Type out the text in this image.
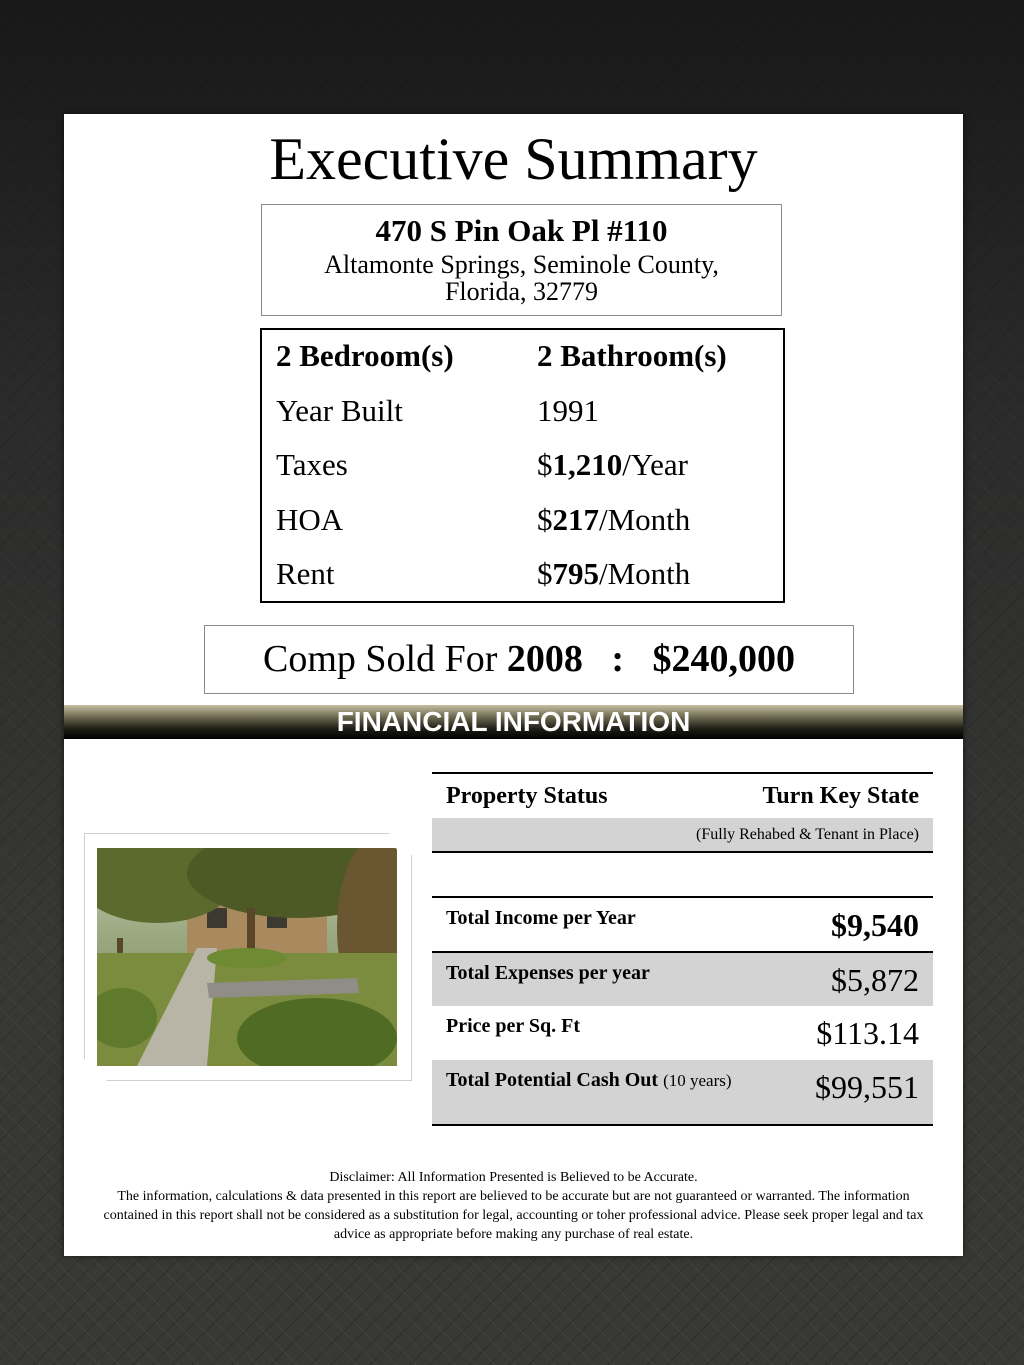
Executive Summary
470 S Pin Oak Pl #110
Altamonte Springs, Seminole County, Florida, 32779
2 Bedroom(s)	2 Bathroom(s)
Year Built	1991
Taxes	$1,210/Year
HOA	$217/Month
Rent	$795/Month
Comp Sold For 2008 : $240,000
FINANCIAL INFORMATION
Property Status	Turn Key State
(Fully Rehabed & Tenant in Place)
Total Income per Year	$9,540
Total Expenses per year	$5,872
Price per Sq. Ft	$113.14
Total Potential Cash Out (10 years)	$99,551
Disclaimer: All Information Presented is Believed to be Accurate.
The information, calculations & data presented in this report are believed to be accurate but are not guaranteed or warranted. The information contained in this report shall not be considered as a substitution for legal, accounting or toher professional advice. Please seek proper legal and tax advice as appropriate before making any purchase of real estate.
